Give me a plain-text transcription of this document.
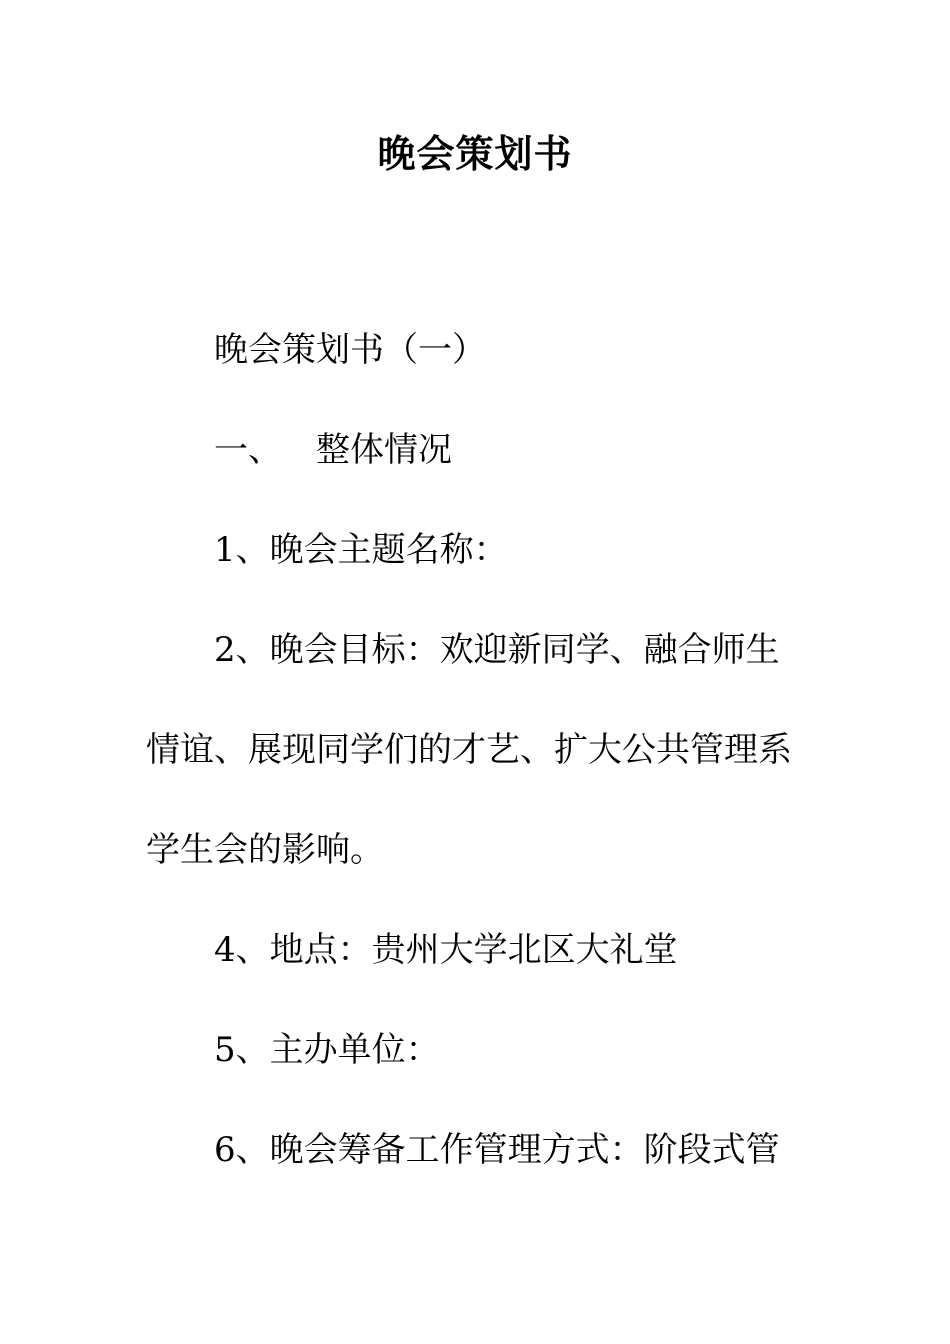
晚会策划书

晚会策划书（一）

一、 整体情况

1、晚会主题名称：

2、晚会目标：欢迎新同学、融合师生情谊、展现同学们的才艺、扩大公共管理系学生会的影响。

4、地点：贵州大学北区大礼堂

5、主办单位：

6、晚会筹备工作管理方式：阶段式管
